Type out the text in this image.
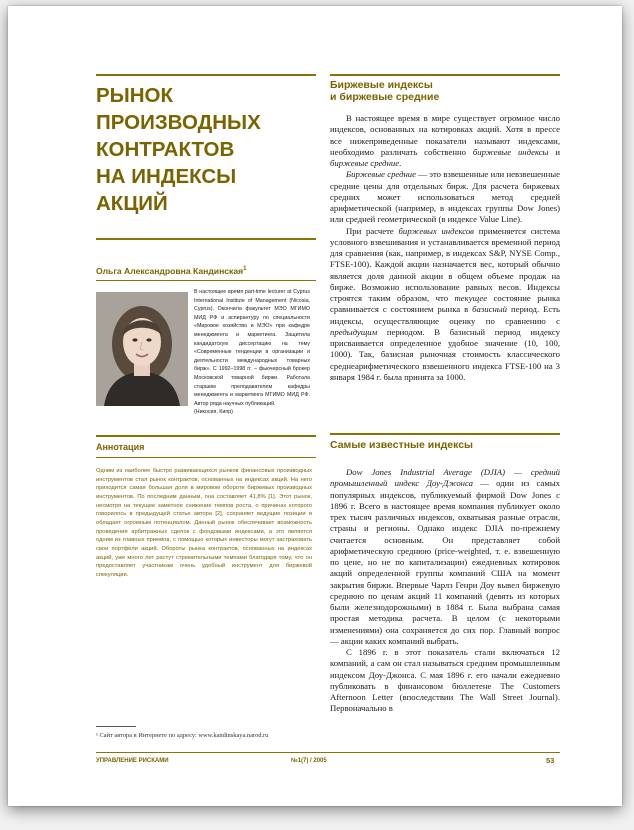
РЫНОК
ПРОИЗВОДНЫХ
КОНТРАКТОВ
НА ИНДЕКСЫ
АКЦИЙ
Ольга Александровна Кандинская$^1$

В настоящее время part-time lecturer at Cyprus International Institute of Management (Nicosia, Cyprus). Окончила факультет МЭО МГИМО МИД РФ и аспирантуру по специальности «Мировое хозяйство и МЭО» при кафедре менеджмента и маркетинга. Защитила кандидатскую диссертацию на тему «Современные тенденции в организации и деятельности международных товарных бирж». С 1992–1998 гг. – фьючерсный брокер Московской товарной биржи. Работала старшим преподавателем кафедры менеджмента и маркетинга МГИМО МИД РФ. Автор ряда научных публикаций.
(Никосия, Кипр)

Аннотация

Одним из наиболее быстро развивающихся рынков финансовых производных инструментов стал рынок контрактов, основанных на индексах акций. На него приходится самая большая доля в мировом обороте биржевых производных инструментов. По последним данным, она составляет 41,8% [1]. Этот рынок, несмотря на текущее заметное снижение темпов роста, о причинах которого говорилось в предыдущей статье автора [2], сохраняет ведущие позиции и обладает огромным потенциалом. Данный рынок обеспечивает возможность проведения арбитражных сделок с фондовыми индексами, а это является одним из главных приемов, с помощью которых инвесторы могут застраховать свои портфели акций. Обороты рынка контрактов, основанных на индексах акций, уже много лет растут стремительными темпами благодаря тому, что он предоставляет участникам очень удобный инструмент для биржевой спекуляции.

¹ Сайт автора в Интернете по адресу: www.kandinskaya.narod.ru
Биржевые индексы
и биржевые средние

В настоящее время в мире существует огромное число индексов, основанных на котировках акций. Хотя в прессе все нижеприведенные показатели называют индексами, необходимо различать собственно биржевые индексы и биржевые средние.

Биржевые средние — это взвешенные или невзвешенные средние цены для отдельных бирж. Для расчета биржевых средних может использоваться метод средней арифметической (например, в индексах группы Dow Jones) или средней геометрической (в индексе Value Line).

При расчете биржевых индексов применяется система условного взвешивания и устанавливается временной период для сравнения (как, например, в индексах S&P, NYSE Comp., FTSE-100). Каждой акции назначается вес, который обычно является доля данной акции в общем объеме продаж на бирже. Возможно использование равных весов. Индексы строятся таким образом, что текущее состояние рынка сравнивается с состоянием рынка в базисный период. Есть индексы, осуществляющие оценку по сравнению с предыдущим периодом. В базисный период индексу присваивается определенное удобное значение (10, 100, 1000). Так, базисная рыночная стоимость классического среднеарифметического взвешенного индекса FTSE-100 на 3 января 1984 г. была принята за 1000.

Самые известные индексы

Dow Jones Industrial Average (DJIA) — средний промышленный индекс Доу-Джонса — один из самых популярных индексов, публикуемый фирмой Dow Jones с 1896 г. Всего в настоящее время компания публикует около трех тысяч различных индексов, охватывая разные отрасли, страны и регионы. Однако индекс DJIA по-прежнему считается основным. Он представляет собой арифметическую среднюю (price-weighted, т. е. взвешенную по цене, но не по капитализации) ежедневных котировок акций определенной группы компаний США на момент закрытия биржи. Впервые Чарлз Генри Доу вывел биржевую среднюю по ценам акций 11 компаний (девять из которых были железнодорожными) в 1884 г. Была выбрана самая простая методика расчета. В целом (с некоторыми изменениями) она сохраняется до сих пор. Главный вопрос — акции каких компаний выбрать.

С 1896 г. в этот показатель стали включаться 12 компаний, а сам он стал называться средним промышленным индексом Доу-Джонса. С мая 1896 г. его начали ежедневно публиковать в финансовом бюллетене The Customers Afternoon Letter (впоследствии The Wall Street Journal). Первоначально в

УПРАВЛЕНИЕ РИСКАМИ	№1(7) / 2005	53
